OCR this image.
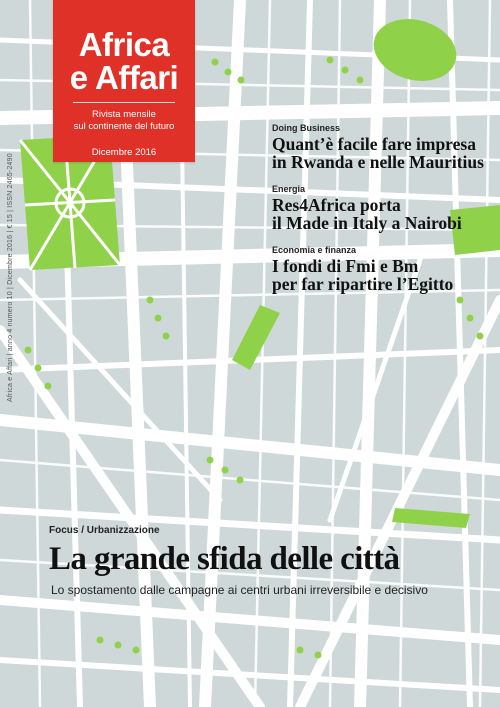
Africa
e Affari
Rivista mensile
sul continente del futuro
Dicembre 2016
Africa e Affari | anno 4 numero 10 | Dicembre 2016 | € 15 | ISSN 2465-2490
Doing Business
Quant’è facile fare impresa
in Rwanda e nelle Mauritius
Energia
Res4Africa porta
il Made in Italy a Nairobi
Economia e finanza
I fondi di Fmi e Bm
per far ripartire l’Egitto
Focus / Urbanizzazione
La grande sfida delle città
Lo spostamento dalle campagne ai centri urbani irreversibile e decisivo
